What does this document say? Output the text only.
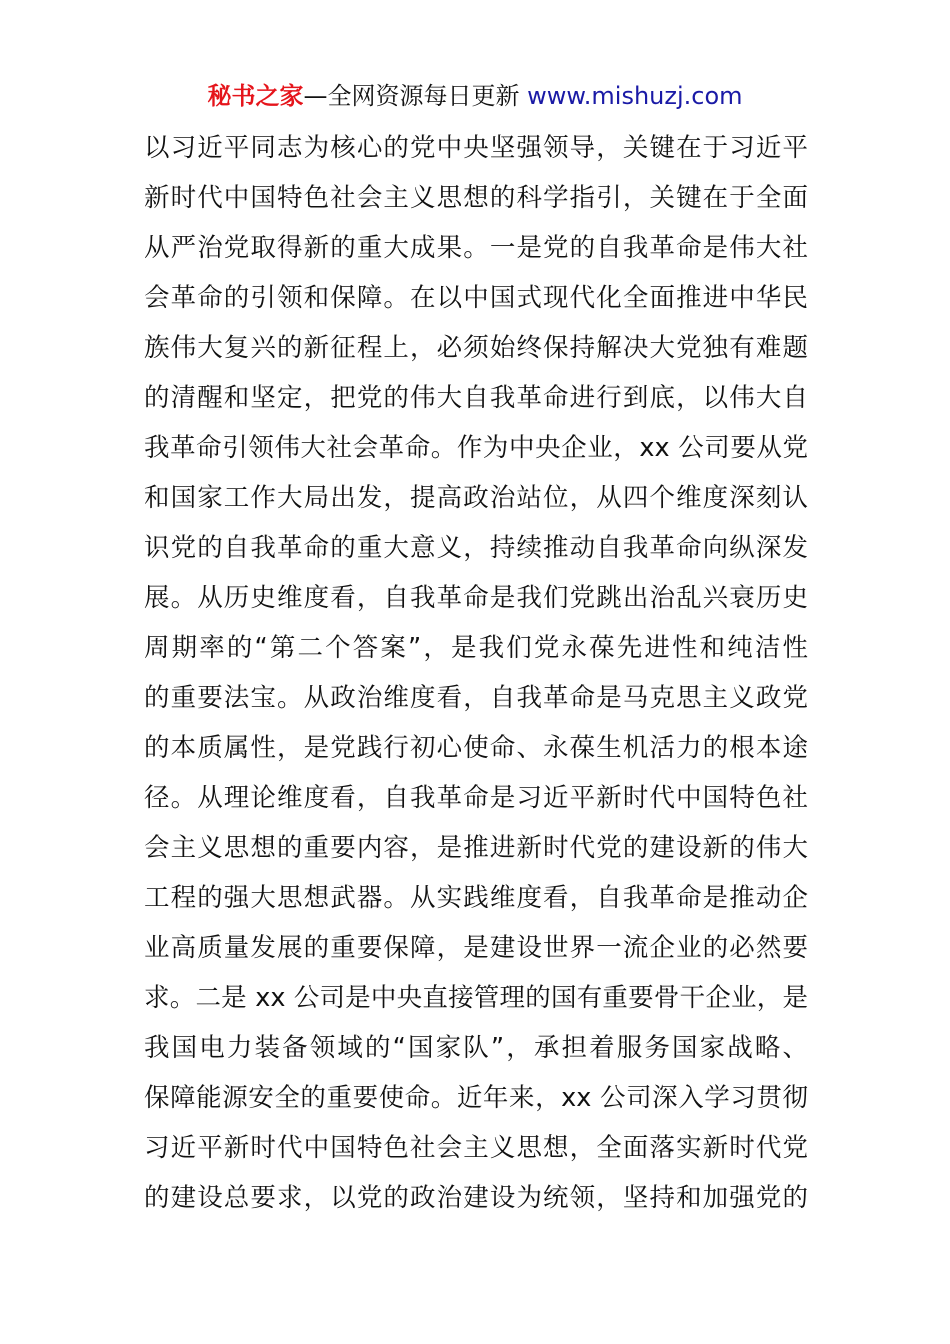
秘书之家—全网资源每日更新 www.mishuzj.com
以习近平同志为核心的党中央坚强领导，关键在于习近平
新时代中国特色社会主义思想的科学指引，关键在于全面
从严治党取得新的重大成果。一是党的自我革命是伟大社
会革命的引领和保障。在以中国式现代化全面推进中华民
族伟大复兴的新征程上，必须始终保持解决大党独有难题
的清醒和坚定，把党的伟大自我革命进行到底，以伟大自
我革命引领伟大社会革命。作为中央企业，xx 公司要从党
和国家工作大局出发，提高政治站位，从四个维度深刻认
识党的自我革命的重大意义，持续推动自我革命向纵深发
展。从历史维度看，自我革命是我们党跳出治乱兴衰历史
周期率的“第二个答案”，是我们党永葆先进性和纯洁性
的重要法宝。从政治维度看，自我革命是马克思主义政党
的本质属性，是党践行初心使命、永葆生机活力的根本途
径。从理论维度看，自我革命是习近平新时代中国特色社
会主义思想的重要内容，是推进新时代党的建设新的伟大
工程的强大思想武器。从实践维度看，自我革命是推动企
业高质量发展的重要保障，是建设世界一流企业的必然要
求。二是 xx 公司是中央直接管理的国有重要骨干企业，是
我国电力装备领域的“国家队”，承担着服务国家战略、
保障能源安全的重要使命。近年来，xx 公司深入学习贯彻
习近平新时代中国特色社会主义思想，全面落实新时代党
的建设总要求，以党的政治建设为统领，坚持和加强党的
